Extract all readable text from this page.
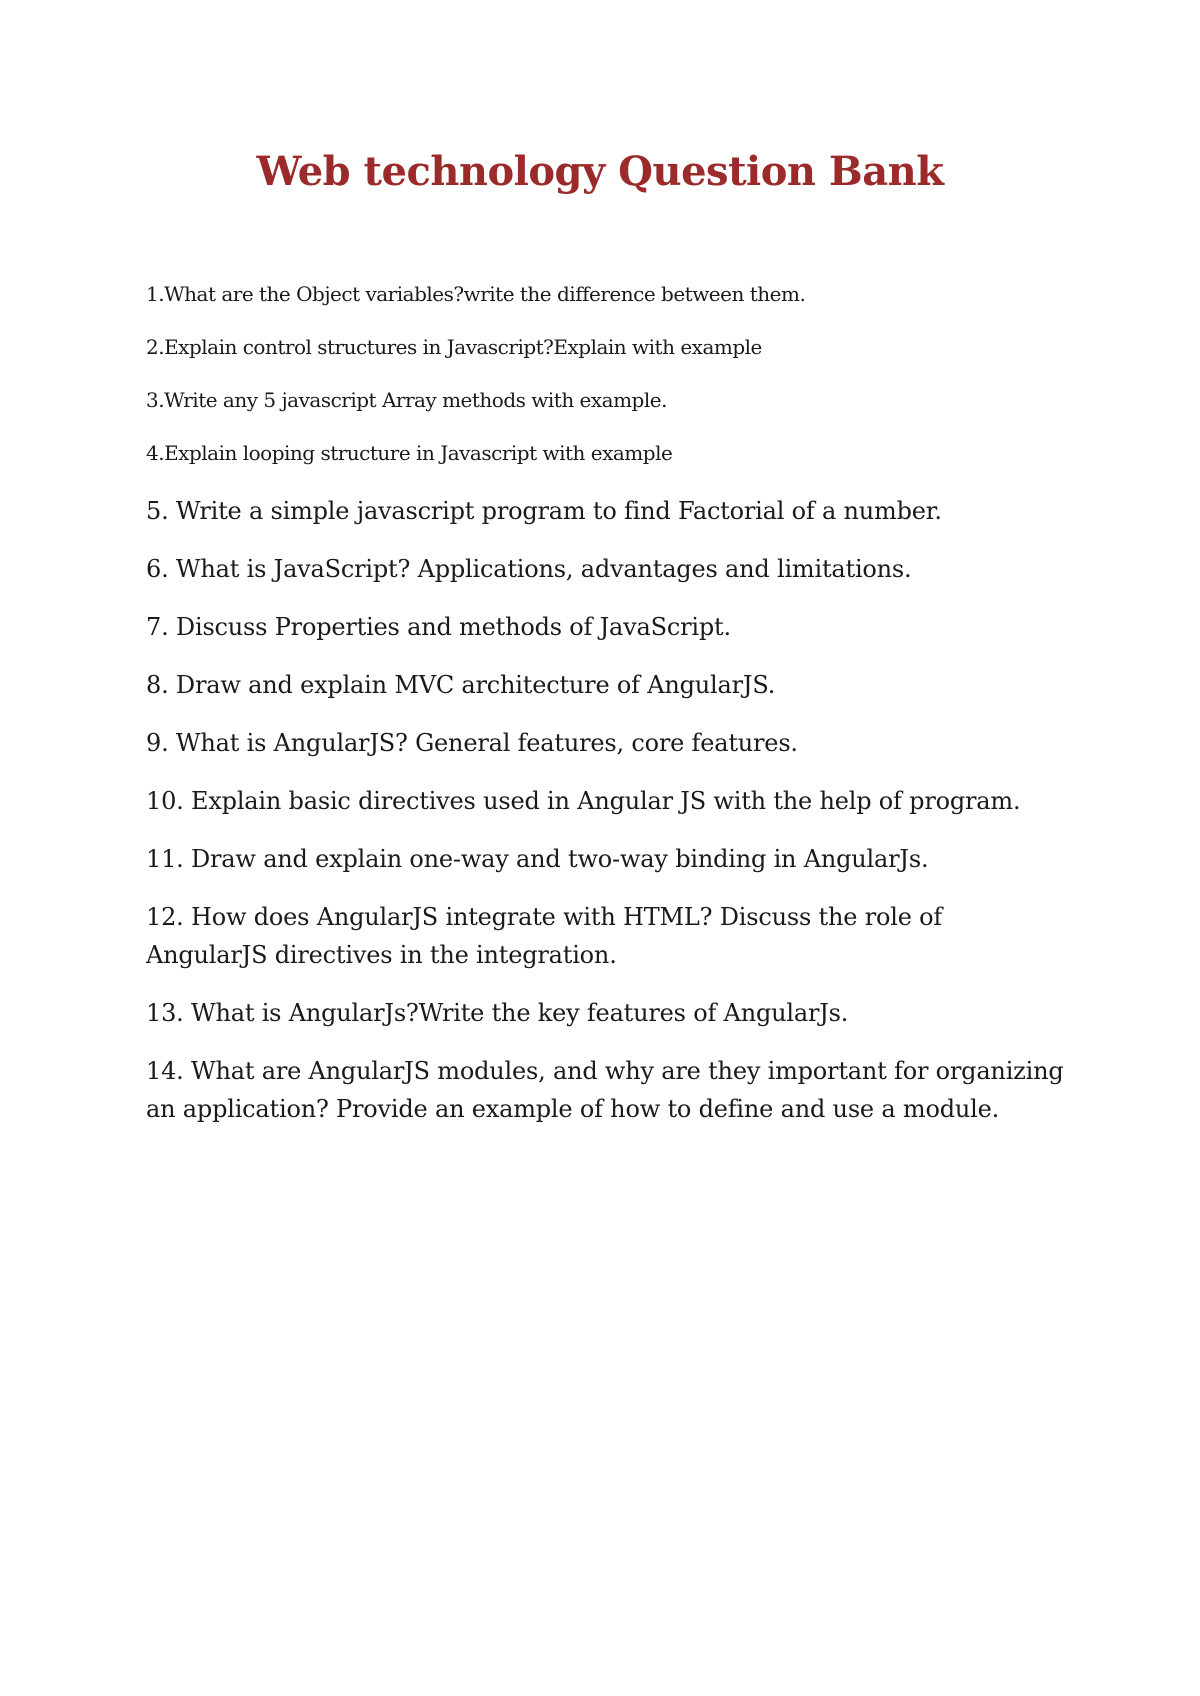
Web technology Question Bank

1.What are the Object variables?write the difference between them.

2.Explain control structures in Javascript?Explain with example

3.Write any 5 javascript Array methods with example.

4.Explain looping structure in Javascript with example

5. Write a simple javascript program to find Factorial of a number.

6. What is JavaScript? Applications, advantages and limitations.

7. Discuss Properties and methods of JavaScript.

8. Draw and explain MVC architecture of AngularJS.

9. What is AngularJS? General features, core features.

10. Explain basic directives used in Angular JS with the help of program.

11. Draw and explain one-way and two-way binding in AngularJs.

12. How does AngularJS integrate with HTML? Discuss the role of AngularJS directives in the integration.

13. What is AngularJs?Write the key features of AngularJs.

14. What are AngularJS modules, and why are they important for organizing an application? Provide an example of how to define and use a module.
